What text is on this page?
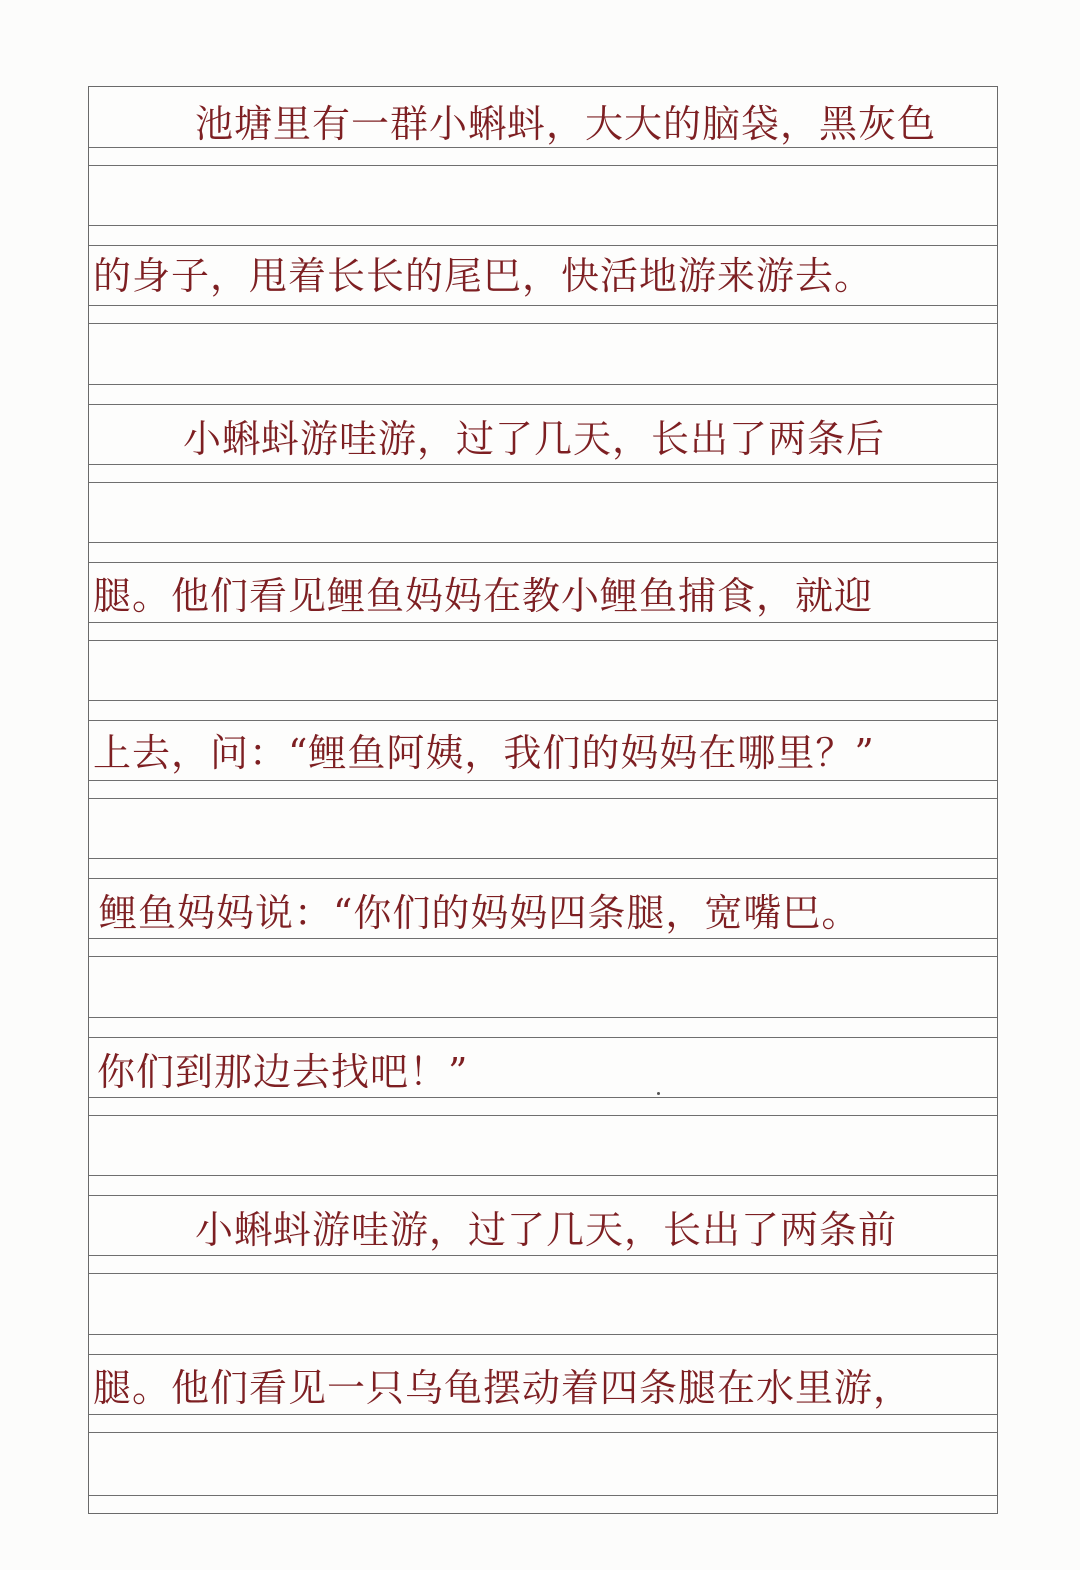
池塘里有一群小蝌蚪，大大的脑袋，黑灰色
的身子，甩着长长的尾巴，快活地游来游去。
小蝌蚪游哇游，过了几天，长出了两条后
腿。他们看见鲤鱼妈妈在教小鲤鱼捕食，就迎
上去，问：“鲤鱼阿姨，我们的妈妈在哪里？”
鲤鱼妈妈说：“你们的妈妈四条腿，宽嘴巴。
你们到那边去找吧！”
小蝌蚪游哇游，过了几天，长出了两条前
腿。他们看见一只乌龟摆动着四条腿在水里游，
